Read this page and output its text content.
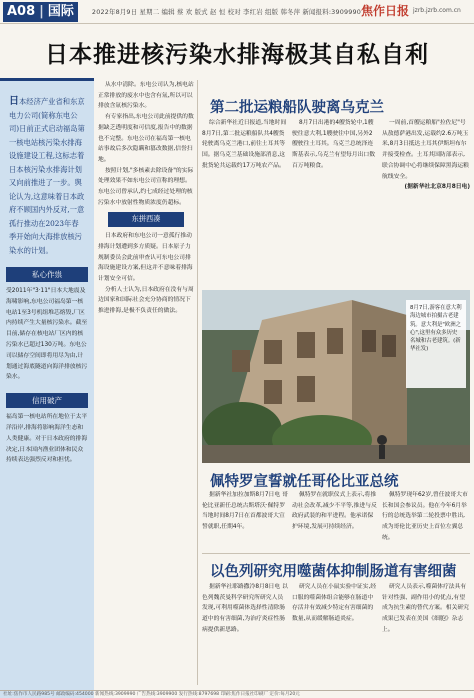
A08 | 国际	2022年8月9日 星期二 编辑 蔡 欢 版式 赵 恒 校对 李红岩 组版 韩冬萍 新闻报料:3909990 焦作日报 jzrb.jzrb.com.cn
日本推进核污染水排海极其自私自利
日本经济产业省和东京电力公司(简称东电公司)日前正式启动福岛第一核电站核污染水排海设施建设工程,这标志着日本核污染水排海计划又向前推进了一步。舆论认为,这意味着日本政府不顾国内外反对,一意孤行推动在2023年春季开始向大海排放核污染水的计划。
私心作祟
受2011年"3·11"日本大地震及海啸影响,东电公司福岛第一核电站1至3号机组堆芯熔毁,厂区内持续产生大量核污染水。截至目前,储存在核电站厂区内的核污染水已超过130万吨。东电公司以储存空间即将用尽为由,计划通过海底隧道向海洋排放核污染水。
信用破产
福岛第一核电站所在地位于太平洋沿岸,排海将影响海洋生态和人类健康。对于日本政府的排海决定,日本国内渔业团体和民众持续表达强烈反对和担忧。

从水中清除。东电公司认为,核电站正常排放的废水中也含有氚,所以可以排放含氚核污染水。

有专家指出,东电公司此前提供的数据缺乏透明度和可信度,报告中的数据也不完整。东电公司在福岛第一核电站事故后多次隐瞒和篡改数据,信誉扫地。

按照计划,"多核素去除设备"的实际处理效果不如东电公司宣称的理想。东电公司曾承认,约七成经过处理的核污染水中放射性物质浓度仍超标。

东拼西凑

日本政府和东电公司一意孤行推动排海计划遭到多方质疑。日本原子力规制委员会此前审查认可东电公司排海设施建设方案,但这并不意味着排海计划安全可信。

分析人士认为,日本政府在没有与周边国家和国际社会充分协商的情况下推进排海,是极不负责任的做法。

第二批运粮船队驶离乌克兰

综合新华社近日报道,当地时间8月7日,第二批运粮船队共4艘货轮驶离乌克兰港口,前往土耳其等国。据乌克兰基础设施部消息,这批货轮共运载约17万吨农产品。

8月7日出港的4艘货轮中,1艘驶往意大利,1艘驶往中国,另外2艘驶往土耳其。乌克兰总统泽连斯基表示,乌克兰有望每月出口数百万吨粮食。

一周前,首艘运粮船"拉佐尼"号从敖德萨港出发,运载约2.6万吨玉米,8月3日抵达土耳其伊斯坦布尔并接受检查。土耳其国防部表示,联合协调中心将继续保障黑海运粮航线安全。

(据新华社北京8月8日电)

8月7日,游客在意大利海边城市拍摄古老建筑。意大利是"欧洲之心",这里有众多历史名城和古老建筑。(新华社发)
佩特罗宣誓就任哥伦比亚总统

据新华社加拉加斯8月7日电 哥伦比亚新任总统古斯塔沃·佩特罗当地时间8月7日在首都波哥大宣誓就职,任期4年。

佩特罗在就职仪式上表示,将推动社会改革,减少不平等,推进与反政府武装的和平进程。他承诺保护环境,发展可持续经济。

佩特罗现年62岁,曾任波哥大市长和国会参议员。他在今年6月举行的总统选举第二轮投票中胜出,成为哥伦比亚历史上首位左翼总统。

以色列研究用噬菌体抑制肠道有害细菌

据新华社耶路撒冷8月8日电 以色列魏茨曼科学研究所研究人员发现,可利用噬菌体选择性清除肠道中的有害细菌,为治疗炎症性肠病提供新思路。

研究人员在小鼠实验中证实,经口服的噬菌体组合能够在肠道中存活并有效减少特定有害细菌的数量,从而缓解肠道炎症。

研究人员表示,噬菌体疗法具有针对性强、副作用小的优点,有望成为抗生素的替代方案。相关研究成果已发表在美国《细胞》杂志上。

社址:焦作市人民路985号 邮政编码:454000 新闻热线:3909990 广告热线:3909900 发行热线:8797698 印刷:焦作日报社印刷厂 定价:每月20元
